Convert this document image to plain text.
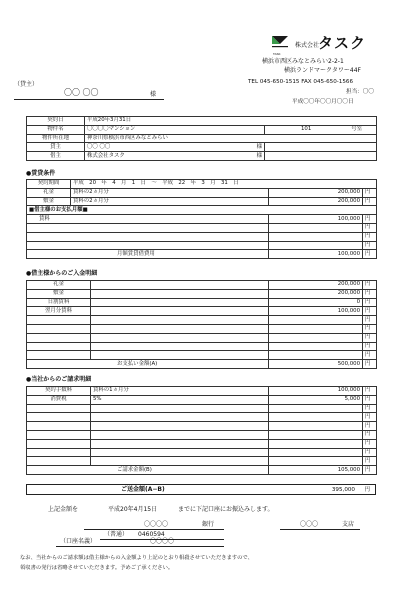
TASK
株式会社
タスク
横浜市西区みなとみらい2-2-1
横浜ランドマークタワー44F
TEL 045-650-1515 FAX 045-650-1566
担当：〇〇
平成〇〇年〇〇月〇〇日
（貸主）
〇〇 〇〇	様
契約日	平成20年3月31日	
物件名	〇〇〇〇マンション	101 号室
物件所在地	神奈川県横浜市西区みなとみらい	
貸主	〇〇 〇〇 様	

借主	株式会社タスク 様	

●賃貸条件
契約期間	平成　20　年　4　月　1　日　～　平成　22　年　3　月　31　日		
礼金	賃料の2ヵ月分	200,000	円
敷金	賃料の2ヵ月分	200,000	円
■借主様のお支払月額■			
賃料		100,000	円
			円
			円
			円
月額賃貸借費用		100,000	円
●借主様からのご入金明細
礼金		200,000	円
敷金		200,000	円
日割賃料		0	円
翌月分賃料		100,000	円
			円
			円
			円
			円
			円
お支払い金額(A)		500,000	円
●当社からのご請求明細
契約手数料	賃料の1ヵ月分	100,000	円
消費税	5%	5,000	円
			円
			円
			円
			円
			円
			円
			円
ご請求金額(B)		105,000	円
ご送金額(A−B)	395,000 円
上記金額を	平成20年4月15日	までに下記口座にお振込みします。
〇〇〇〇	銀行	〇〇〇	支店
（普通） 0460594
（口座名義）	〇〇〇〇
なお、当社からのご請求額は借主様からの入金額より上記のとおり相殺させていただきますので、
領収書の発行は省略させていただきます。予めご了承ください。
